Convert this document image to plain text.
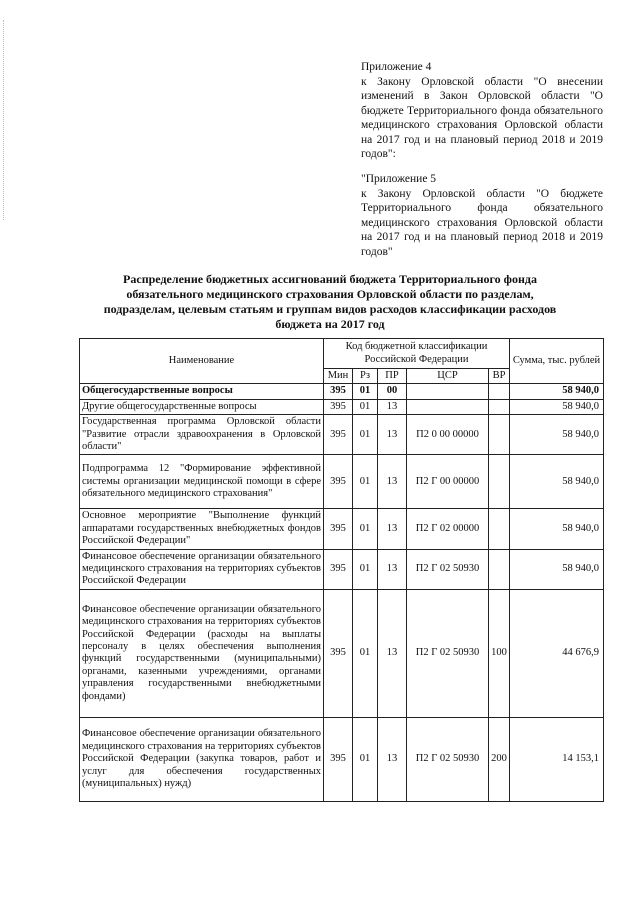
Приложение 4

к Закону Орловской области "О внесении изменений в Закон Орловской области "О бюджете Территориального фонда обязательного медицинского страхования Орловской области на 2017 год и на плановый период 2018 и 2019 годов":

"Приложение 5

к Закону Орловской области "О бюджете Территориального фонда обязательного медицинского страхования Орловской области на 2017 год и на плановый период 2018 и 2019 годов"

Распределение бюджетных ассигнований бюджета Территориального фонда обязательного медицинского страхования Орловской области по разделам, подразделам, целевым статьям и группам видов расходов классификации расходов бюджета на 2017 год
Наименование	Код бюджетной классификации Российской Федерации					Сумма, тыс. рублей
	Мин	Рз	ПР	ЦСР	ВР	
Общегосударственные вопросы	395	01	00			58 940,0
Другие общегосударственные вопросы	395	01	13			58 940,0
Государственная программа Орловской области "Развитие отрасли здравоохранения в Орловской области"	395	01	13	П2 0 00 00000		58 940,0
Подпрограмма 12 "Формирование эффективной системы организации медицинской помощи в сфере обязательного медицинского страхования"	395	01	13	П2 Г 00 00000		58 940,0
Основное мероприятие "Выполнение функций аппаратами государственных внебюджетных фондов Российской Федерации"	395	01	13	П2 Г 02 00000		58 940,0
Финансовое обеспечение организации обязательного медицинского страхования на территориях субъектов Российской Федерации	395	01	13	П2 Г 02 50930		58 940,0
Финансовое обеспечение организации обязательного медицинского страхования на территориях субъектов Российской Федерации (расходы на выплаты персоналу в целях обеспечения выполнения функций государственными (муниципальными) органами, казенными учреждениями, органами управления государственными внебюджетными фондами)	395	01	13	П2 Г 02 50930	100	44 676,9
Финансовое обеспечение организации обязательного медицинского страхования на территориях субъектов Российской Федерации (закупка товаров, работ и услуг для обеспечения государственных (муниципальных) нужд)	395	01	13	П2 Г 02 50930	200	14 153,1
